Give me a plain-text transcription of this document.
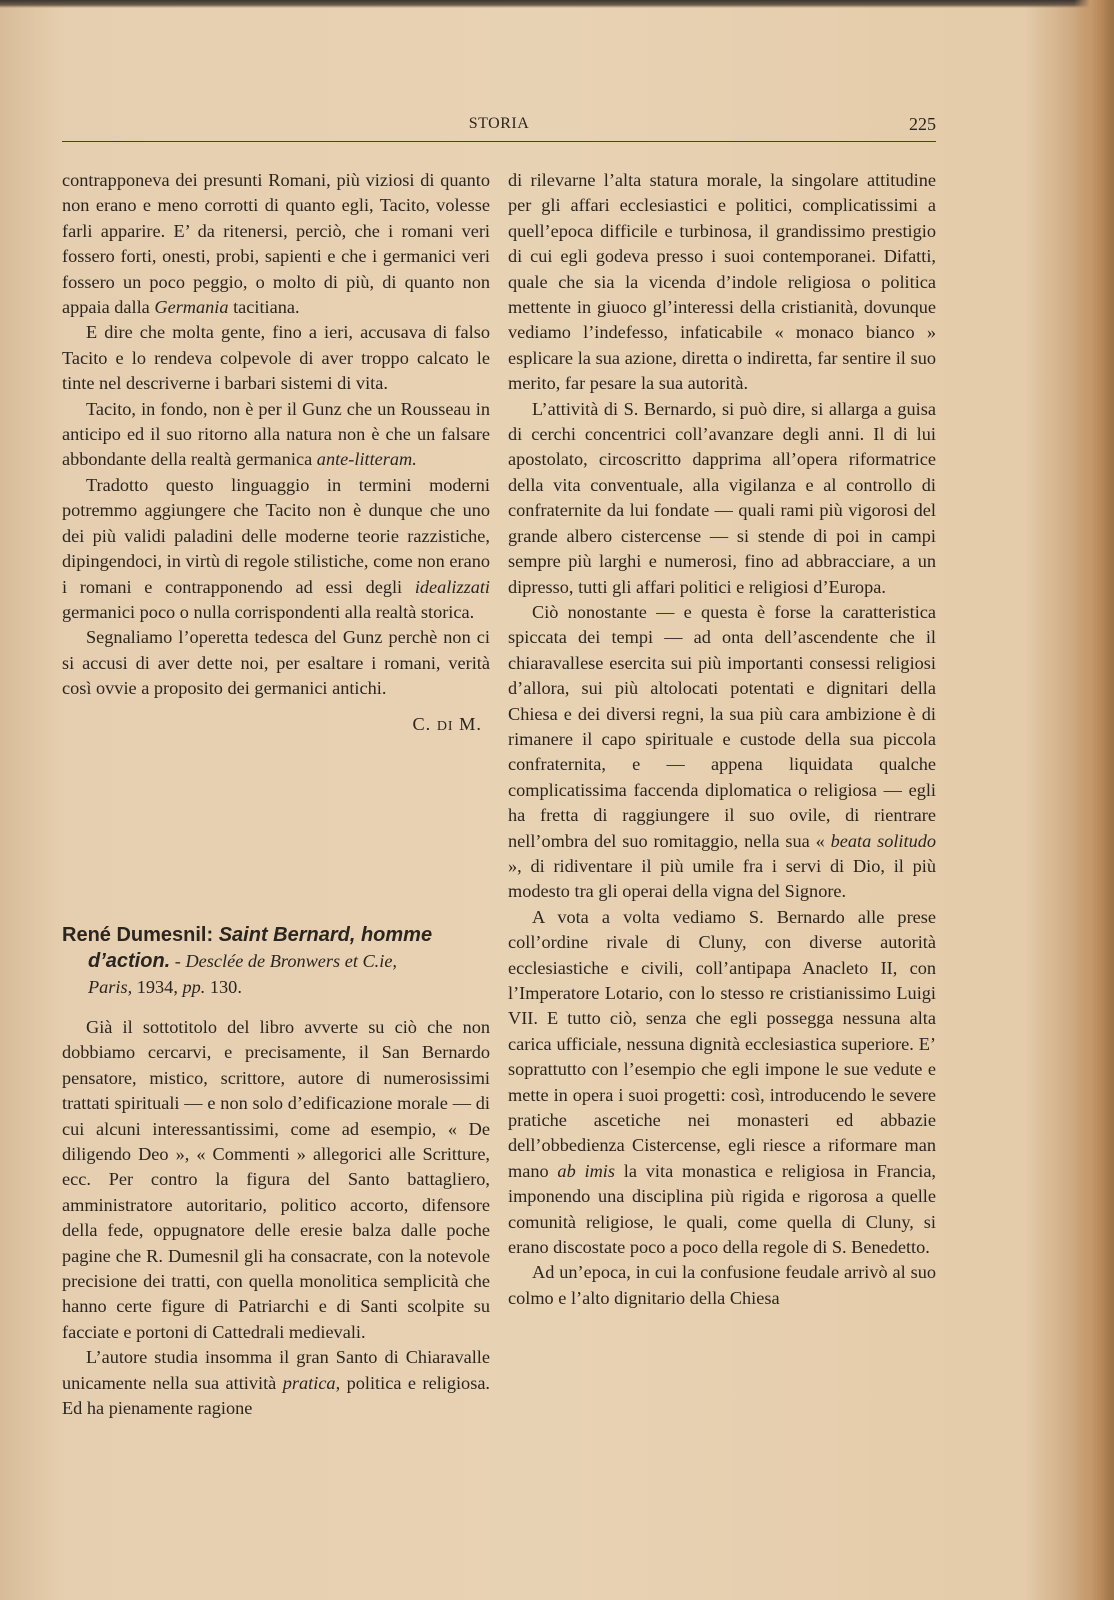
STORIA	225

contrapponeva dei presunti Romani, più viziosi di quanto non erano e meno corrotti di quanto egli, Tacito, volesse farli apparire. E’ da ritenersi, perciò, che i romani veri fossero forti, onesti, probi, sapienti e che i germanici veri fossero un poco peggio, o molto di più, di quanto non appaia dalla Germania tacitiana.

E dire che molta gente, fino a ieri, accusava di falso Tacito e lo rendeva colpevole di aver troppo calcato le tinte nel descriverne i barbari sistemi di vita.

Tacito, in fondo, non è per il Gunz che un Rousseau in anticipo ed il suo ritorno alla natura non è che un falsare abbondante della realtà germanica ante-litteram.

Tradotto questo linguaggio in termini moderni potremmo aggiungere che Tacito non è dunque che uno dei più validi paladini delle moderne teorie razzistiche, dipingendoci, in virtù di regole stilistiche, come non erano i romani e contrapponendo ad essi degli idealizzati germanici poco o nulla corrispondenti alla realtà storica.

Segnaliamo l’operetta tedesca del Gunz perchè non ci si accusi di aver dette noi, per esaltare i romani, verità così ovvie a proposito dei germanici antichi.

C. DI M.
René Dumesnil: Saint Bernard, homme
d’action. - Desclée de Bronwers et C.ie,
Paris, 1934, pp. 130.

Già il sottotitolo del libro avverte su ciò che non dobbiamo cercarvi, e precisamente, il San Bernardo pensatore, mistico, scrittore, autore di numerosissimi trattati spirituali — e non solo d’edificazione morale — di cui alcuni interessantissimi, come ad esempio, « De diligendo Deo », « Commenti » allegorici alle Scritture, ecc. Per contro la figura del Santo battagliero, amministratore autoritario, politico accorto, difensore della fede, oppugnatore delle eresie balza dalle poche pagine che R. Dumesnil gli ha consacrate, con la notevole precisione dei tratti, con quella monolitica semplicità che hanno certe figure di Patriarchi e di Santi scolpite su facciate e portoni di Cattedrali medievali.

L’autore studia insomma il gran Santo di Chiaravalle unicamente nella sua attività pratica, politica e religiosa. Ed ha pienamente ragione

di rilevarne l’alta statura morale, la singolare attitudine per gli affari ecclesiastici e politici, complicatissimi a quell’epoca difficile e turbinosa, il grandissimo prestigio di cui egli godeva presso i suoi contemporanei. Difatti, quale che sia la vicenda d’indole religiosa o politica mettente in giuoco gl’interessi della cristianità, dovunque vediamo l’indefesso, infaticabile « monaco bianco » esplicare la sua azione, diretta o indiretta, far sentire il suo merito, far pesare la sua autorità.

L’attività di S. Bernardo, si può dire, si allarga a guisa di cerchi concentrici coll’avanzare degli anni. Il di lui apostolato, circoscritto dapprima all’opera riformatrice della vita conventuale, alla vigilanza e al controllo di confraternite da lui fondate — quali rami più vigorosi del grande albero cistercense — si stende di poi in campi sempre più larghi e numerosi, fino ad abbracciare, a un dipresso, tutti gli affari politici e religiosi d’Europa.

Ciò nonostante — e questa è forse la caratteristica spiccata dei tempi — ad onta dell’ascendente che il chiaravallese esercita sui più importanti consessi religiosi d’allora, sui più altolocati potentati e dignitari della Chiesa e dei diversi regni, la sua più cara ambizione è di rimanere il capo spirituale e custode della sua piccola confraternita, e — appena liquidata qualche complicatissima faccenda diplomatica o religiosa — egli ha fretta di raggiungere il suo ovile, di rientrare nell’ombra del suo romitaggio, nella sua « beata solitudo », di ridiventare il più umile fra i servi di Dio, il più modesto tra gli operai della vigna del Signore.

A vota a volta vediamo S. Bernardo alle prese coll’ordine rivale di Cluny, con diverse autorità ecclesiastiche e civili, coll’antipapa Anacleto II, con l’Imperatore Lotario, con lo stesso re cristianissimo Luigi VII. E tutto ciò, senza che egli possegga nessuna alta carica ufficiale, nessuna dignità ecclesiastica superiore. E’ soprattutto con l’esempio che egli impone le sue vedute e mette in opera i suoi progetti: così, introducendo le severe pratiche ascetiche nei monasteri ed abbazie dell’obbedienza Cistercense, egli riesce a riformare man mano ab imis la vita monastica e religiosa in Francia, imponendo una disciplina più rigida e rigorosa a quelle comunità religiose, le quali, come quella di Cluny, si erano discostate poco a poco della regole di S. Benedetto.

Ad un’epoca, in cui la confusione feudale arrivò al suo colmo e l’alto dignitario della Chiesa
